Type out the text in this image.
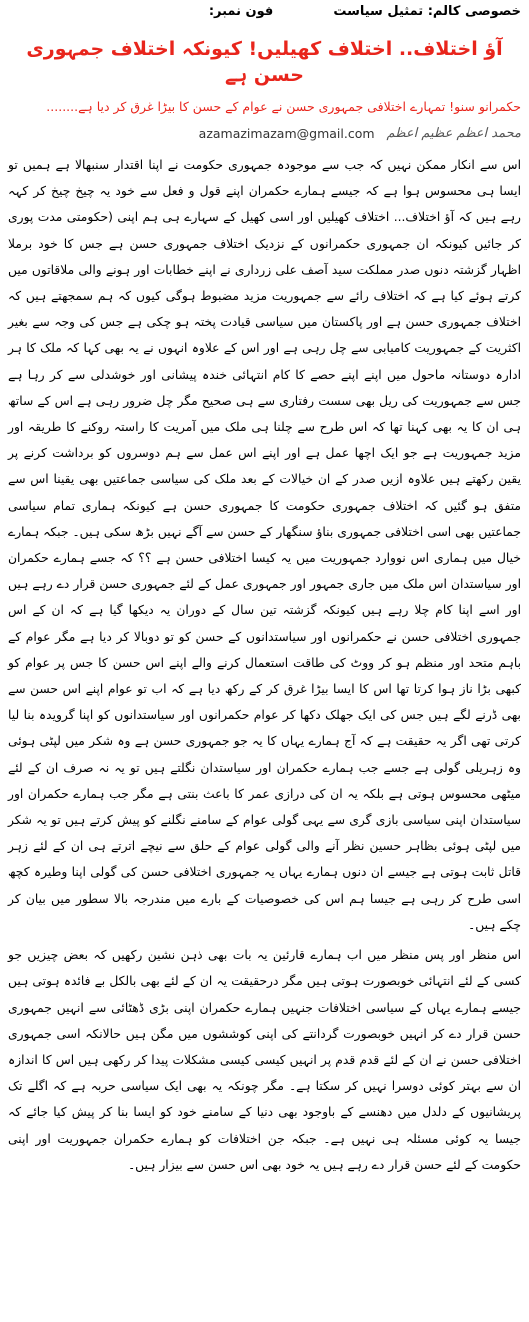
خصوصی کالم: تمثیل سیاست
فون نمبر:
آؤ اختلاف.. اختلاف کھیلیں! کیونکہ اختلاف جمہوری حسن ہے
حکمرانو سنو! تمہارے اختلافی جمہوری حسن نے عوام کے حسن کا بیڑا غرق کر دیا ہے........
محمد اعظم عظیم اعظم
azamazimazam@gmail.com

اس سے انکار ممکن نہیں کہ جب سے موجودہ جمہوری حکومت نے اپنا اقتدار سنبھالا ہے ہمیں تو ایسا ہی محسوس ہوا ہے کہ جیسے ہمارے حکمران اپنے قول و فعل سے خود یہ چیخ چیخ کر کہہ رہے ہیں کہ آؤ اختلاف... اختلاف کھیلیں اور اسی کھیل کے سہارے ہی ہم اپنی (حکومتی مدت پوری کر جائیں کیونکہ ان جمہوری حکمرانوں کے نزدیک اختلاف جمہوری حسن ہے جس کا خود برملا اظہار گزشتہ دنوں صدر مملکت سید آصف علی زرداری نے اپنے خطابات اور ہونے والی ملاقاتوں میں کرتے ہوئے کیا ہے کہ اختلاف رائے سے جمہوریت مزید مضبوط ہوگی کیوں کہ ہم سمجھتے ہیں کہ اختلاف جمہوری حسن ہے اور پاکستان میں سیاسی قیادت پختہ ہو چکی ہے جس کی وجہ سے بغیر اکثریت کے جمہوریت کامیابی سے چل رہی ہے اور اس کے علاوہ انہوں نے یہ بھی کہا کہ ملک کا ہر ادارہ دوستانہ ماحول میں اپنے اپنے حصے کا کام انتہائی خندہ پیشانی اور خوشدلی سے کر رہا ہے جس سے جمہوریت کی ریل بھی سست رفتاری سے ہی صحیح مگر چل ضرور رہی ہے اس کے ساتھ ہی ان کا یہ بھی کہنا تھا کہ اس طرح سے چلنا ہی ملک میں آمریت کا راستہ روکنے کا طریقہ اور مزید جمہوریت ہے جو ایک اچھا عمل ہے اور اپنے اس عمل سے ہم دوسروں کو برداشت کرنے پر یقین رکھتے ہیں علاوہ ازیں صدر کے ان خیالات کے بعد ملک کی سیاسی جماعتیں بھی یقینا اس سے متفق ہو گئیں کہ اختلاف جمہوری حکومت کا جمہوری حسن ہے کیونکہ ہماری تمام سیاسی جماعتیں بھی اسی اختلافی جمہوری بناؤ سنگھار کے حسن سے آگے نہیں بڑھ سکی ہیں۔ جبکہ ہمارے خیال میں ہماری اس نووارد جمہوریت میں یہ کیسا اختلافی حسن ہے ؟؟ کہ جسے ہمارے حکمران اور سیاستدان اس ملک میں جاری جمہور اور جمہوری عمل کے لئے جمہوری حسن قرار دے رہے ہیں اور اسے اپنا کام چلا رہے ہیں کیونکہ گزشتہ تین سال کے دوران یہ دیکھا گیا ہے کہ ان کے اس جمہوری اختلافی حسن نے حکمرانوں اور سیاستدانوں کے حسن کو تو دوبالا کر دیا ہے مگر عوام کے باہم متحد اور منظم ہو کر ووٹ کی طاقت استعمال کرنے والے اپنے اس حسن کا جس پر عوام کو کبھی بڑا ناز ہوا کرتا تھا اس کا ایسا بیڑا غرق کر کے رکھ دیا ہے کہ اب تو عوام اپنے اس حسن سے بھی ڈرنے لگے ہیں جس کی ایک جھلک دکھا کر عوام حکمرانوں اور سیاستدانوں کو اپنا گرویدہ بنا لیا کرتی تھی اگر یہ حقیقت ہے کہ آج ہمارے یہاں کا یہ جو جمہوری حسن ہے وہ شکر میں لپٹی ہوئی وہ زہریلی گولی ہے جسے جب ہمارے حکمران اور سیاستدان نگلتے ہیں تو یہ نہ صرف ان کے لئے میٹھی محسوس ہوتی ہے بلکہ یہ ان کی درازی عمر کا باعث بنتی ہے مگر جب ہمارے حکمران اور سیاستدان اپنی سیاسی بازی گری سے یہی گولی عوام کے سامنے نگلنے کو پیش کرتے ہیں تو یہ شکر میں لپٹی ہوئی بظاہر حسین نظر آنے والی گولی عوام کے حلق سے نیچے اترتے ہی ان کے لئے زہر قاتل ثابت ہوتی ہے جیسے ان دنوں ہمارے یہاں یہ جمہوری اختلافی حسن کی گولی اپنا وطیرہ کچھ اسی طرح کر رہی ہے جیسا ہم اس کی خصوصیات کے بارے میں مندرجہ بالا سطور میں بیان کر چکے ہیں۔

اس منظر اور پس منظر میں اب ہمارے قارئین یہ بات بھی ذہن نشین رکھیں کہ بعض چیزیں جو کسی کے لئے انتہائی خوبصورت ہوتی ہیں مگر درحقیقت یہ ان کے لئے بھی بالکل بے فائدہ ہوتی ہیں جیسے ہمارے یہاں کے سیاسی اختلافات جنہیں ہمارے حکمران اپنی بڑی ڈھٹائی سے انہیں جمہوری حسن قرار دے کر انہیں خوبصورت گردانتے کی اپنی کوششوں میں مگن ہیں حالانکہ اسی جمہوری اختلافی حسن نے ان کے لئے قدم قدم پر انہیں کیسی کیسی مشکلات پیدا کر رکھی ہیں اس کا اندازہ ان سے بہتر کوئی دوسرا نہیں کر سکتا ہے۔ مگر چونکہ یہ بھی ایک سیاسی حربہ ہے کہ اگلے تک پریشانیوں کے دلدل میں دھنسے کے باوجود بھی دنیا کے سامنے خود کو ایسا بنا کر پیش کیا جائے کہ جیسا یہ کوئی مسئلہ ہی نہیں ہے۔ جبکہ جن اختلافات کو ہمارے حکمران جمہوریت اور اپنی حکومت کے لئے حسن قرار دے رہے ہیں یہ خود بھی اس حسن سے بیزار ہیں۔
